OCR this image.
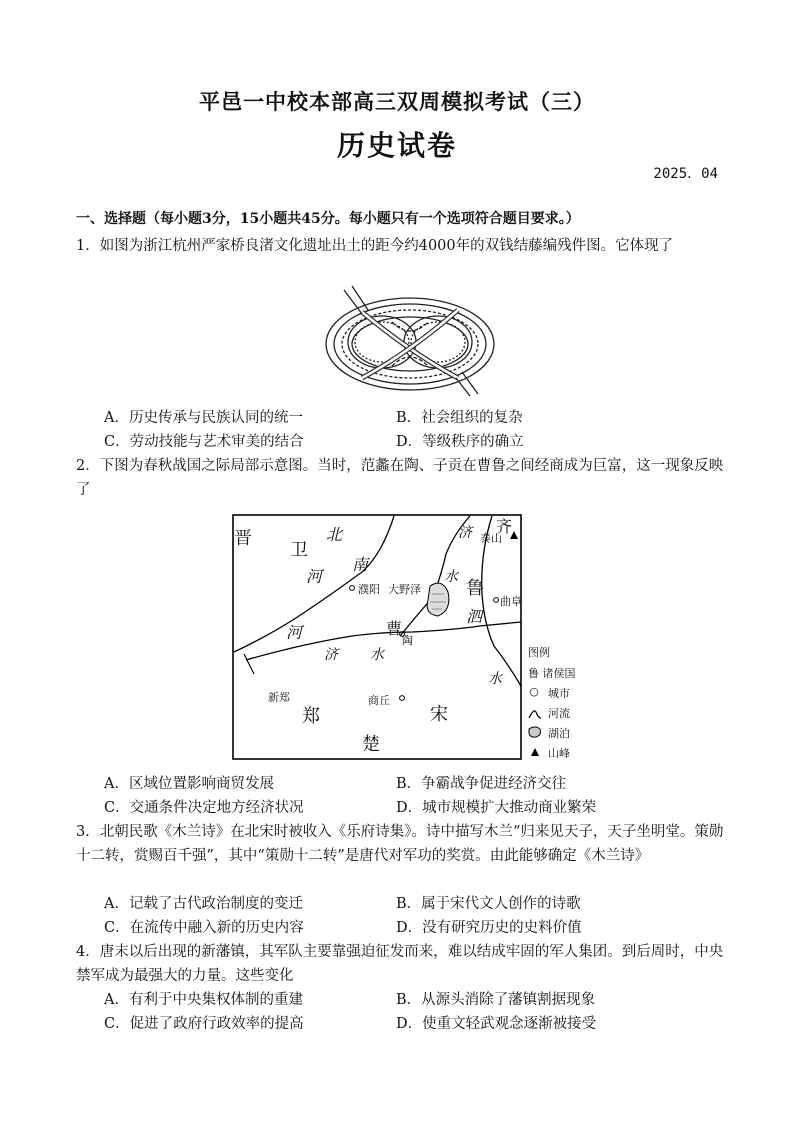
平邑一中校本部高三双周模拟考试（三）
历史试卷
2025．04
一、选择题（每小题3分，15小题共45分。每小题只有一个选项符合题目要求。）
1．如图为浙江杭州严家桥良渚文化遗址出土的距今约4000年的双钱结藤编残件图。它体现了
A．历史传承与民族认同的统一	B．社会组织的复杂
C．劳动技能与艺术审美的结合	D．等级秩序的确立
2．下图为春秋战国之际局部示意图。当时，范蠡在陶、子贡在曹鲁之间经商成为巨富，这一现象反映了
晋
卫
齐
鲁
郑	宋
楚
濮阳 大野泽
泰山
曲阜
曹
陶
新郑	商丘
北
南
河
河
济
水
泗
济 水
水
图例
鲁 诸侯国
○ 城市
河流
湖泊
山峰
A．区域位置影响商贸发展	B．争霸战争促进经济交往
C．交通条件决定地方经济状况	D．城市规模扩大推动商业繁荣
3．北朝民歌《木兰诗》在北宋时被收入《乐府诗集》。诗中描写木兰“归来见天子，天子坐明堂。策勋十二转，赏赐百千强”，其中“策勋十二转”是唐代对军功的奖赏。由此能够确定《木兰诗》
A．记载了古代政治制度的变迁	B．属于宋代文人创作的诗歌
C．在流传中融入新的历史内容	D．没有研究历史的史料价值
4．唐末以后出现的新藩镇，其军队主要靠强迫征发而来，难以结成牢固的军人集团。到后周时，中央禁军成为最强大的力量。这些变化
A．有利于中央集权体制的重建	B．从源头消除了藩镇割据现象
C．促进了政府行政效率的提高	D．使重文轻武观念逐渐被接受
